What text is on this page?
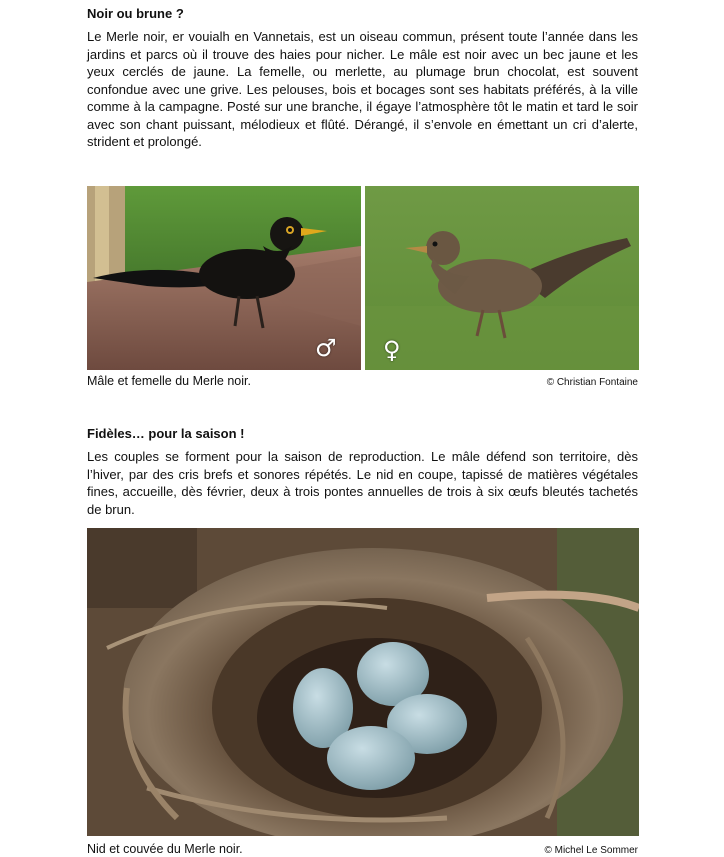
Noir ou brune ?
Le Merle noir, er vouialh en Vannetais, est un oiseau commun, présent toute l’année dans les jardins et parcs où il trouve des haies pour nicher. Le mâle est noir avec un bec jaune et les yeux cerclés de jaune. La femelle, ou merlette, au plumage brun chocolat, est souvent confondue avec une grive. Les pelouses, bois et bocages sont ses habitats préférés, à la ville comme à la campagne. Posté sur une branche, il égaye l’atmosphère tôt le matin et tard le soir avec son chant puissant, mélodieux et flûté. Dérangé, il s’envole en émettant un cri d’alerte, strident et prolongé.
♂ ♀
Mâle et femelle du Merle noir.	© Christian Fontaine
Fidèles… pour la saison !
Les couples se forment pour la saison de reproduction. Le mâle défend son territoire, dès l’hiver, par des cris brefs et sonores répétés. Le nid en coupe, tapissé de matières végétales fines, accueille, dès février, deux à trois pontes annuelles de trois à six œufs bleutés tachetés de brun.
Nid et couvée du Merle noir.	© Michel Le Sommer
